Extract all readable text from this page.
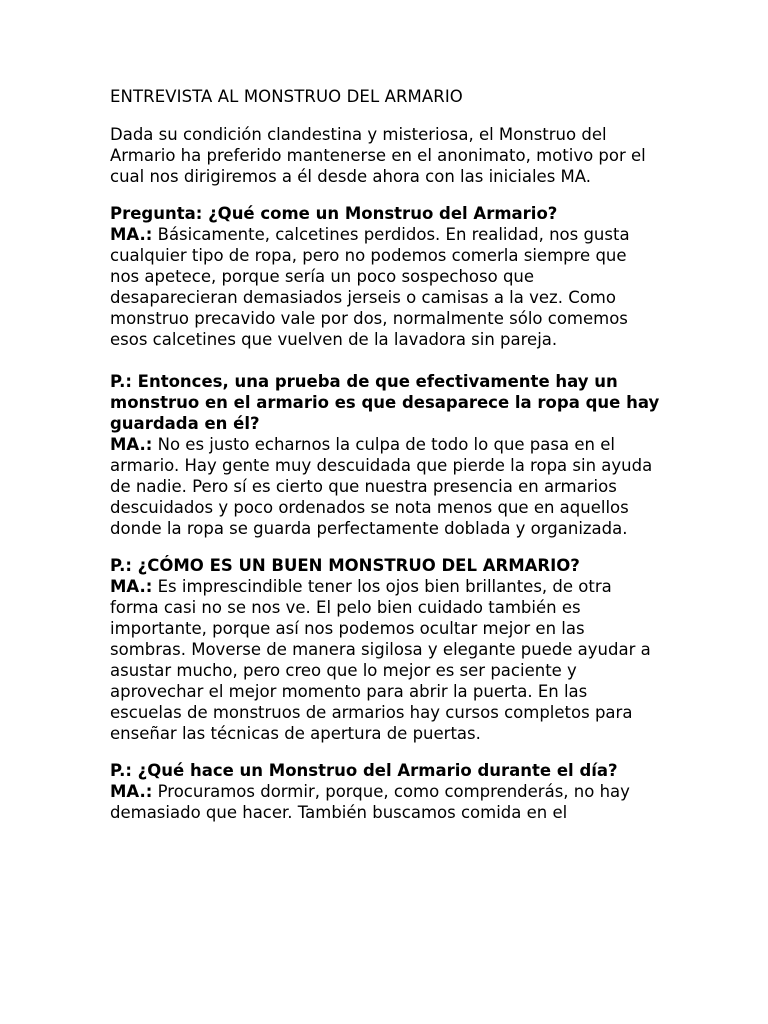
ENTREVISTA AL MONSTRUO DEL ARMARIO

Dada su condición clandestina y misteriosa, el Monstruo del Armario ha preferido mantenerse en el anonimato, motivo por el cual nos dirigiremos a él desde ahora con las iniciales MA.

Pregunta: ¿Qué come un Monstruo del Armario?

MA.: Básicamente, calcetines perdidos. En realidad, nos gusta cualquier tipo de ropa, pero no podemos comerla siempre que nos apetece, porque sería un poco sospechoso que desaparecieran demasiados jerseis o camisas a la vez. Como monstruo precavido vale por dos, normalmente sólo comemos esos calcetines que vuelven de la lavadora sin pareja.

P.: Entonces, una prueba de que efectivamente hay un monstruo en el armario es que desaparece la ropa que hay guardada en él?

MA.: No es justo echarnos la culpa de todo lo que pasa en el armario. Hay gente muy descuidada que pierde la ropa sin ayuda de nadie. Pero sí es cierto que nuestra presencia en armarios descuidados y poco ordenados se nota menos que en aquellos donde la ropa se guarda perfectamente doblada y organizada.

P.: ¿CÓMO ES UN BUEN MONSTRUO DEL ARMARIO?

MA.: Es imprescindible tener los ojos bien brillantes, de otra forma casi no se nos ve. El pelo bien cuidado también es importante, porque así nos podemos ocultar mejor en las sombras. Moverse de manera sigilosa y elegante puede ayudar a asustar mucho, pero creo que lo mejor es ser paciente y aprovechar el mejor momento para abrir la puerta. En las escuelas de monstruos de armarios hay cursos completos para enseñar las técnicas de apertura de puertas.

P.: ¿Qué hace un Monstruo del Armario durante el día?

MA.: Procuramos dormir, porque, como comprenderás, no hay demasiado que hacer. También buscamos comida en el
